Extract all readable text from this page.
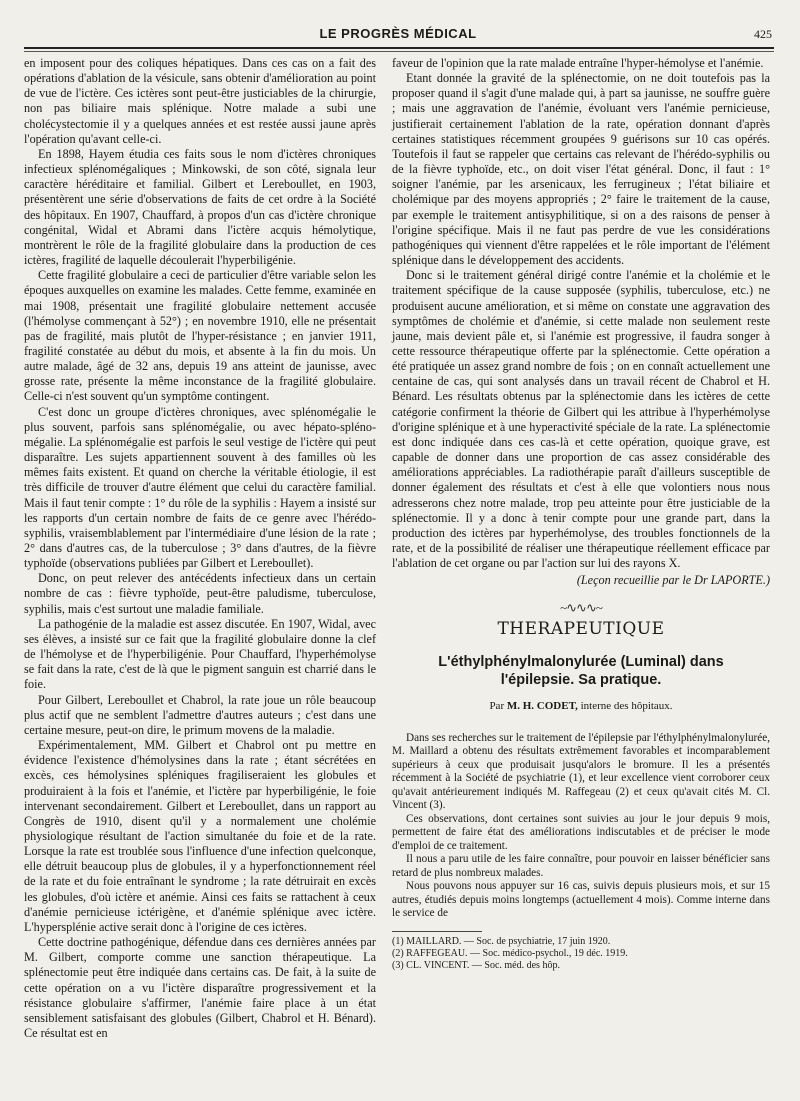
LE PROGRÈS MÉDICAL	425

en imposent pour des coliques hépatiques. Dans ces cas on a fait des opérations d'ablation de la vésicule, sans obtenir d'amélioration au point de vue de l'ictère. Ces ictères sont peut-être justiciables de la chirurgie, non pas biliaire mais splénique. Notre malade a subi une cholécystectomie il y a quelques années et est restée aussi jaune après l'opération qu'avant celle-ci.

En 1898, Hayem étudia ces faits sous le nom d'ictères chroniques infectieux splénomégaliques ; Minkowski, de son côté, signala leur caractère héréditaire et familial. Gilbert et Lereboullet, en 1903, présentèrent une série d'observations de faits de cet ordre à la Société des hôpitaux. En 1907, Chauffard, à propos d'un cas d'ictère chronique congénital, Widal et Abrami dans l'ictère acquis hémolytique, montrèrent le rôle de la fragilité globulaire dans la production de ces ictères, fragilité de laquelle découlerait l'hyperbiligénie.

Cette fragilité globulaire a ceci de particulier d'être variable selon les époques auxquelles on examine les malades. Cette femme, examinée en mai 1908, présentait une fragilité globulaire nettement accusée (l'hémolyse commençant à 52°) ; en novembre 1910, elle ne présentait pas de fragilité, mais plutôt de l'hyper-résistance ; en janvier 1911, fragilité constatée au début du mois, et absente à la fin du mois. Un autre malade, âgé de 32 ans, depuis 19 ans atteint de jaunisse, avec grosse rate, présente la même inconstance de la fragilité globulaire. Celle-ci n'est souvent qu'un symptôme contingent.

C'est donc un groupe d'ictères chroniques, avec splénomégalie le plus souvent, parfois sans splénomégalie, ou avec hépato-spléno-mégalie. La splénomégalie est parfois le seul vestige de l'ictère qui peut disparaître. Les sujets appartiennent souvent à des familles où les mêmes faits existent. Et quand on cherche la véritable étiologie, il est très difficile de trouver d'autre élément que celui du caractère familial. Mais il faut tenir compte : 1° du rôle de la syphilis : Hayem a insisté sur les rapports d'un certain nombre de faits de ce genre avec l'hérédo-syphilis, vraisemblablement par l'intermédiaire d'une lésion de la rate ; 2° dans d'autres cas, de la tuberculose ; 3° dans d'autres, de la fièvre typhoïde (observations publiées par Gilbert et Lereboullet).

Donc, on peut relever des antécédents infectieux dans un certain nombre de cas : fièvre typhoïde, peut-être paludisme, tuberculose, syphilis, mais c'est surtout une maladie familiale.

La pathogénie de la maladie est assez discutée. En 1907, Widal, avec ses élèves, a insisté sur ce fait que la fragilité globulaire donne la clef de l'hémolyse et de l'hyperbiligénie. Pour Chauffard, l'hyperhémolyse se fait dans la rate, c'est de là que le pigment sanguin est charrié dans le foie.

Pour Gilbert, Lereboullet et Chabrol, la rate joue un rôle beaucoup plus actif que ne semblent l'admettre d'autres auteurs ; c'est dans une certaine mesure, peut-on dire, le primum movens de la maladie.

Expérimentalement, MM. Gilbert et Chabrol ont pu mettre en évidence l'existence d'hémolysines dans la rate ; étant sécrétées en excès, ces hémolysines spléniques fragiliseraient les globules et produiraient à la fois et l'anémie, et l'ictère par hyperbiligénie, le foie intervenant secondairement. Gilbert et Lereboullet, dans un rapport au Congrès de 1910, disent qu'il y a normalement une cholémie physiologique résultant de l'action simultanée du foie et de la rate. Lorsque la rate est troublée sous l'influence d'une infection quelconque, elle détruit beaucoup plus de globules, il y a hyperfonctionnement réel de la rate et du foie entraînant le syndrome ; la rate détruirait en excès les globules, d'où ictère et anémie. Ainsi ces faits se rattachent à ceux d'anémie pernicieuse ictérigène, et d'anémie splénique avec ictère. L'hypersplénie active serait donc à l'origine de ces ictères.

Cette doctrine pathogénique, défendue dans ces dernières années par M. Gilbert, comporte comme une sanction thérapeutique. La splénectomie peut être indiquée dans certains cas. De fait, à la suite de cette opération on a vu l'ictère disparaître progressivement et la résistance globulaire s'affirmer, l'anémie faire place à un état sensiblement satisfaisant des globules (Gilbert, Chabrol et H. Bénard). Ce résultat est en

faveur de l'opinion que la rate malade entraîne l'hyper-hémolyse et l'anémie.

Etant donnée la gravité de la splénectomie, on ne doit toutefois pas la proposer quand il s'agit d'une malade qui, à part sa jaunisse, ne souffre guère ; mais une aggravation de l'anémie, évoluant vers l'anémie pernicieuse, justifierait certainement l'ablation de la rate, opération donnant d'après certaines statistiques récemment groupées 9 guérisons sur 10 cas opérés. Toutefois il faut se rappeler que certains cas relevant de l'hérédo-syphilis ou de la fièvre typhoïde, etc., on doit viser l'état général. Donc, il faut : 1° soigner l'anémie, par les arsenicaux, les ferrugineux ; l'état biliaire et cholémique par des moyens appropriés ; 2° faire le traitement de la cause, par exemple le traitement antisyphilitique, si on a des raisons de penser à l'origine spécifique. Mais il ne faut pas perdre de vue les considérations pathogéniques qui viennent d'être rappelées et le rôle important de l'élément splénique dans le développement des accidents.

Donc si le traitement général dirigé contre l'anémie et la cholémie et le traitement spécifique de la cause supposée (syphilis, tuberculose, etc.) ne produisent aucune amélioration, et si même on constate une aggravation des symptômes de cholémie et d'anémie, si cette malade non seulement reste jaune, mais devient pâle et, si l'anémie est progressive, il faudra songer à cette ressource thérapeutique offerte par la splénectomie. Cette opération a été pratiquée un assez grand nombre de fois ; on en connaît actuellement une centaine de cas, qui sont analysés dans un travail récent de Chabrol et H. Bénard. Les résultats obtenus par la splénectomie dans les ictères de cette catégorie confirment la théorie de Gilbert qui les attribue à l'hyperhémolyse d'origine splénique et à une hyperactivité spéciale de la rate. La splénectomie est donc indiquée dans ces cas-là et cette opération, quoique grave, est capable de donner dans une proportion de cas assez considérable des améliorations appréciables. La radiothérapie paraît d'ailleurs susceptible de donner également des résultats et c'est à elle que volontiers nous nous adresserons chez notre malade, trop peu atteinte pour être justiciable de la splénectomie. Il y a donc à tenir compte pour une grande part, dans la production des ictères par hyperhémolyse, des troubles fonctionnels de la rate, et de la possibilité de réaliser une thérapeutique réellement efficace par l'ablation de cet organe ou par l'action sur lui des rayons X.

(Leçon recueillie par le Dr LAPORTE.)

~∿∿∿~
THERAPEUTIQUE

L'éthylphénylmalonylurée (Luminal) dans

l'épilepsie. Sa pratique.

Par M. H. CODET, interne des hôpitaux.

Dans ses recherches sur le traitement de l'épilepsie par l'éthylphénylmalonylurée, M. Maillard a obtenu des résultats extrêmement favorables et incomparablement supérieurs à ceux que produisait jusqu'alors le bromure. Il les a présentés récemment à la Société de psychiatrie (1), et leur excellence vient corroborer ceux qu'avait antérieurement indiqués M. Raffegeau (2) et ceux qu'avait cités M. Cl. Vincent (3).

Ces observations, dont certaines sont suivies au jour le jour depuis 9 mois, permettent de faire état des améliorations indiscutables et de préciser le mode d'emploi de ce traitement.

Il nous a paru utile de les faire connaître, pour pouvoir en laisser bénéficier sans retard de plus nombreux malades.

Nous pouvons nous appuyer sur 16 cas, suivis depuis plusieurs mois, et sur 15 autres, étudiés depuis moins longtemps (actuellement 4 mois). Comme interne dans le service de

(1) MAILLARD. — Soc. de psychiatrie, 17 juin 1920.
(2) RAFFEGEAU. — Soc. médico-psychol., 19 déc. 1919.
(3) CL. VINCENT. — Soc. méd. des hôp.
